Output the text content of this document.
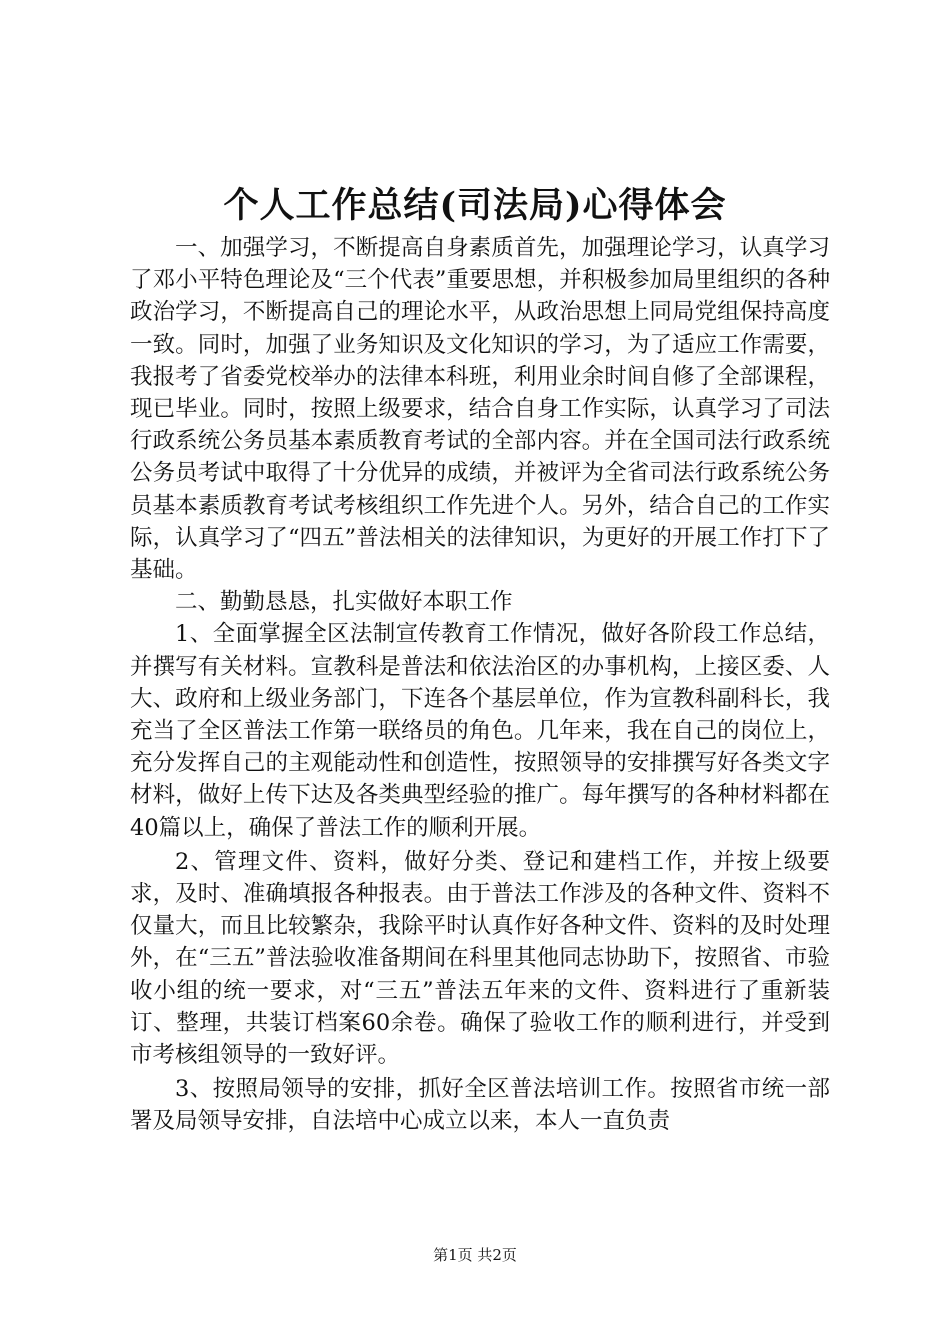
个人工作总结(司法局)心得体会

一、加强学习，不断提高自身素质首先，加强理论学习，认真学习了邓小平特色理论及“三个代表”重要思想，并积极参加局里组织的各种政治学习，不断提高自己的理论水平，从政治思想上同局党组保持高度一致。同时，加强了业务知识及文化知识的学习，为了适应工作需要，我报考了省委党校举办的法律本科班，利用业余时间自修了全部课程，现已毕业。同时，按照上级要求，结合自身工作实际，认真学习了司法行政系统公务员基本素质教育考试的全部内容。并在全国司法行政系统公务员考试中取得了十分优异的成绩，并被评为全省司法行政系统公务员基本素质教育考试考核组织工作先进个人。另外，结合自己的工作实际，认真学习了“四五”普法相关的法律知识，为更好的开展工作打下了基础。

二、勤勤恳恳，扎实做好本职工作

1、全面掌握全区法制宣传教育工作情况，做好各阶段工作总结，并撰写有关材料。宣教科是普法和依法治区的办事机构，上接区委、人大、政府和上级业务部门，下连各个基层单位，作为宣教科副科长，我充当了全区普法工作第一联络员的角色。几年来，我在自己的岗位上，充分发挥自己的主观能动性和创造性，按照领导的安排撰写好各类文字材料，做好上传下达及各类典型经验的推广。每年撰写的各种材料都在40篇以上，确保了普法工作的顺利开展。

2、管理文件、资料，做好分类、登记和建档工作，并按上级要求，及时、准确填报各种报表。由于普法工作涉及的各种文件、资料不仅量大，而且比较繁杂，我除平时认真作好各种文件、资料的及时处理外，在“三五”普法验收准备期间在科里其他同志协助下，按照省、市验收小组的统一要求，对“三五”普法五年来的文件、资料进行了重新装订、整理，共装订档案60余卷。确保了验收工作的顺利进行，并受到市考核组领导的一致好评。

3、按照局领导的安排，抓好全区普法培训工作。按照省市统一部署及局领导安排，自法培中心成立以来，本人一直负责

第1页 共2页
